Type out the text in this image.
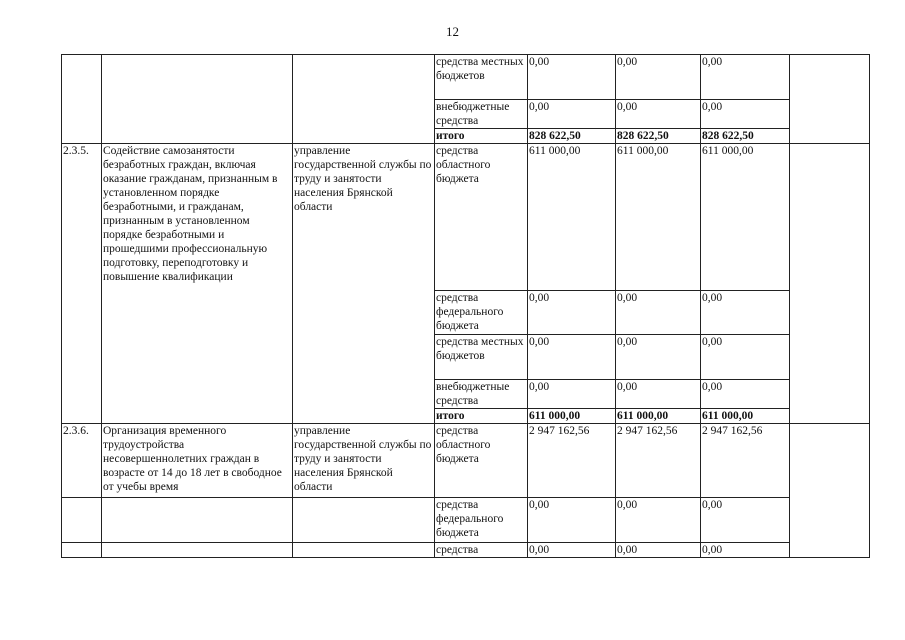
12
			средства местных бюджетов	0,00	0,00	0,00	
			внебюджетные средства	0,00	0,00	0,00	
			итого	828 622,50	828 622,50	828 622,50	
2.3.5.	Содействие самозанятости безработных граждан, включая оказание гражданам, признанным в установленном порядке безработными, и гражданам, признанным в установленном порядке безработными и прошедшими профессиональную подготовку, переподготовку и повышение квалификации	управление государственной службы по труду и занятости населения Брянской области	средства областного бюджета	611 000,00	611 000,00	611 000,00	
			средства федерального бюджета	0,00	0,00	0,00	
			средства местных бюджетов	0,00	0,00	0,00	
			внебюджетные средства	0,00	0,00	0,00	
			итого	611 000,00	611 000,00	611 000,00	
2.3.6.	Организация временного трудоустройства несовершеннолетних граждан в возрасте от 14 до 18 лет в свободное от учебы время	управление государственной службы по труду и занятости населения Брянской области	средства областного бюджета	2 947 162,56	2 947 162,56	2 947 162,56	
			средства федерального бюджета	0,00	0,00	0,00	
			средства	0,00	0,00	0,00	
